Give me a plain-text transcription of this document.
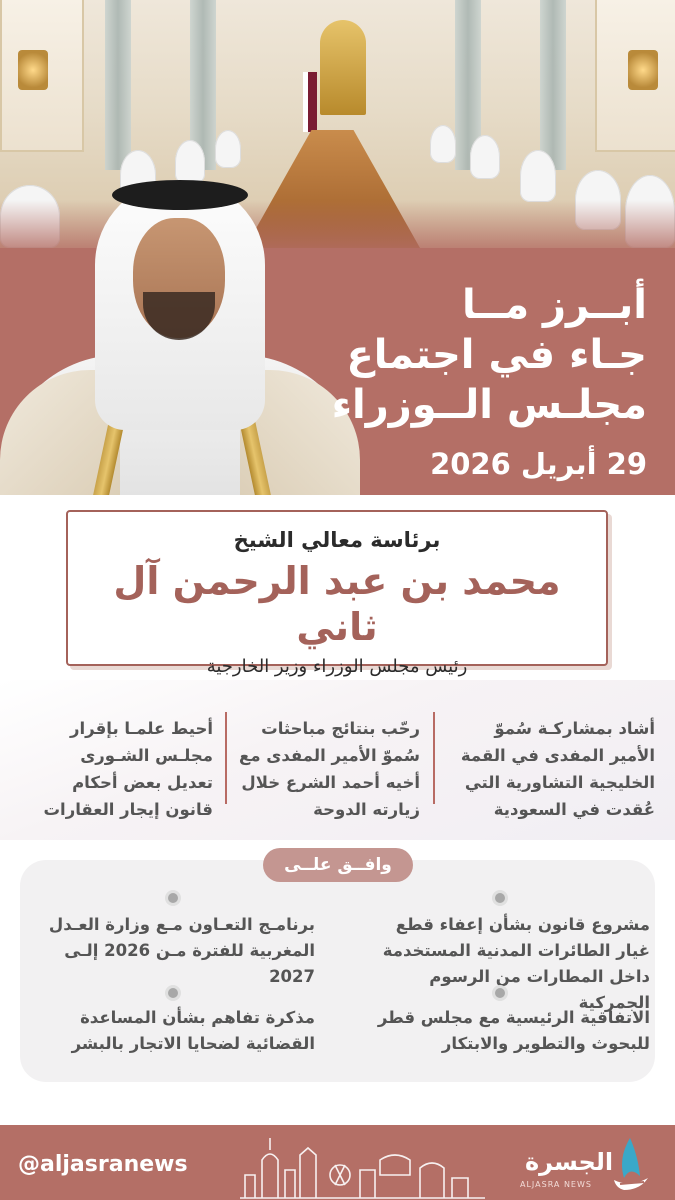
أبــرز مــا
جـاء في اجتماع
مجلـس الــوزراء
29 أبريل 2026
برئاسة معالي الشيخ
محمد بن عبد الرحمن آل ثاني
رئيس مجلس الوزراء وزير الخارجية
أشاد بمشاركـة سُموّ الأمير المفدى في القمة الخليجية التشاورية التي عُقدت في السعودية
رحّب بنتائج مباحثات سُموّ الأمير المفدى مع أخيه أحمد الشرع خلال زيارته الدوحة
أحيط علمـا بإقرار مجلـس الشـورى تعديل بعض أحكام قانون إيجار العقارات
وافــق علــى
مشروع قانون بشأن إعفاء قطع غيار الطائرات المدنية المستخدمة داخل المطارات من الرسوم الجمركية
برنامـج التعـاون مـع وزارة العـدل المغربية للفترة مـن 2026 إلـى 2027
الاتفاقية الرئيسية مع مجلس قطر للبحوث والتطوير والابتكار
مذكرة تفاهم بشأن المساعدة القضائية لضحايا الاتجار بالبشر
@aljasranews	الجسرة
ALJASRA NEWS
